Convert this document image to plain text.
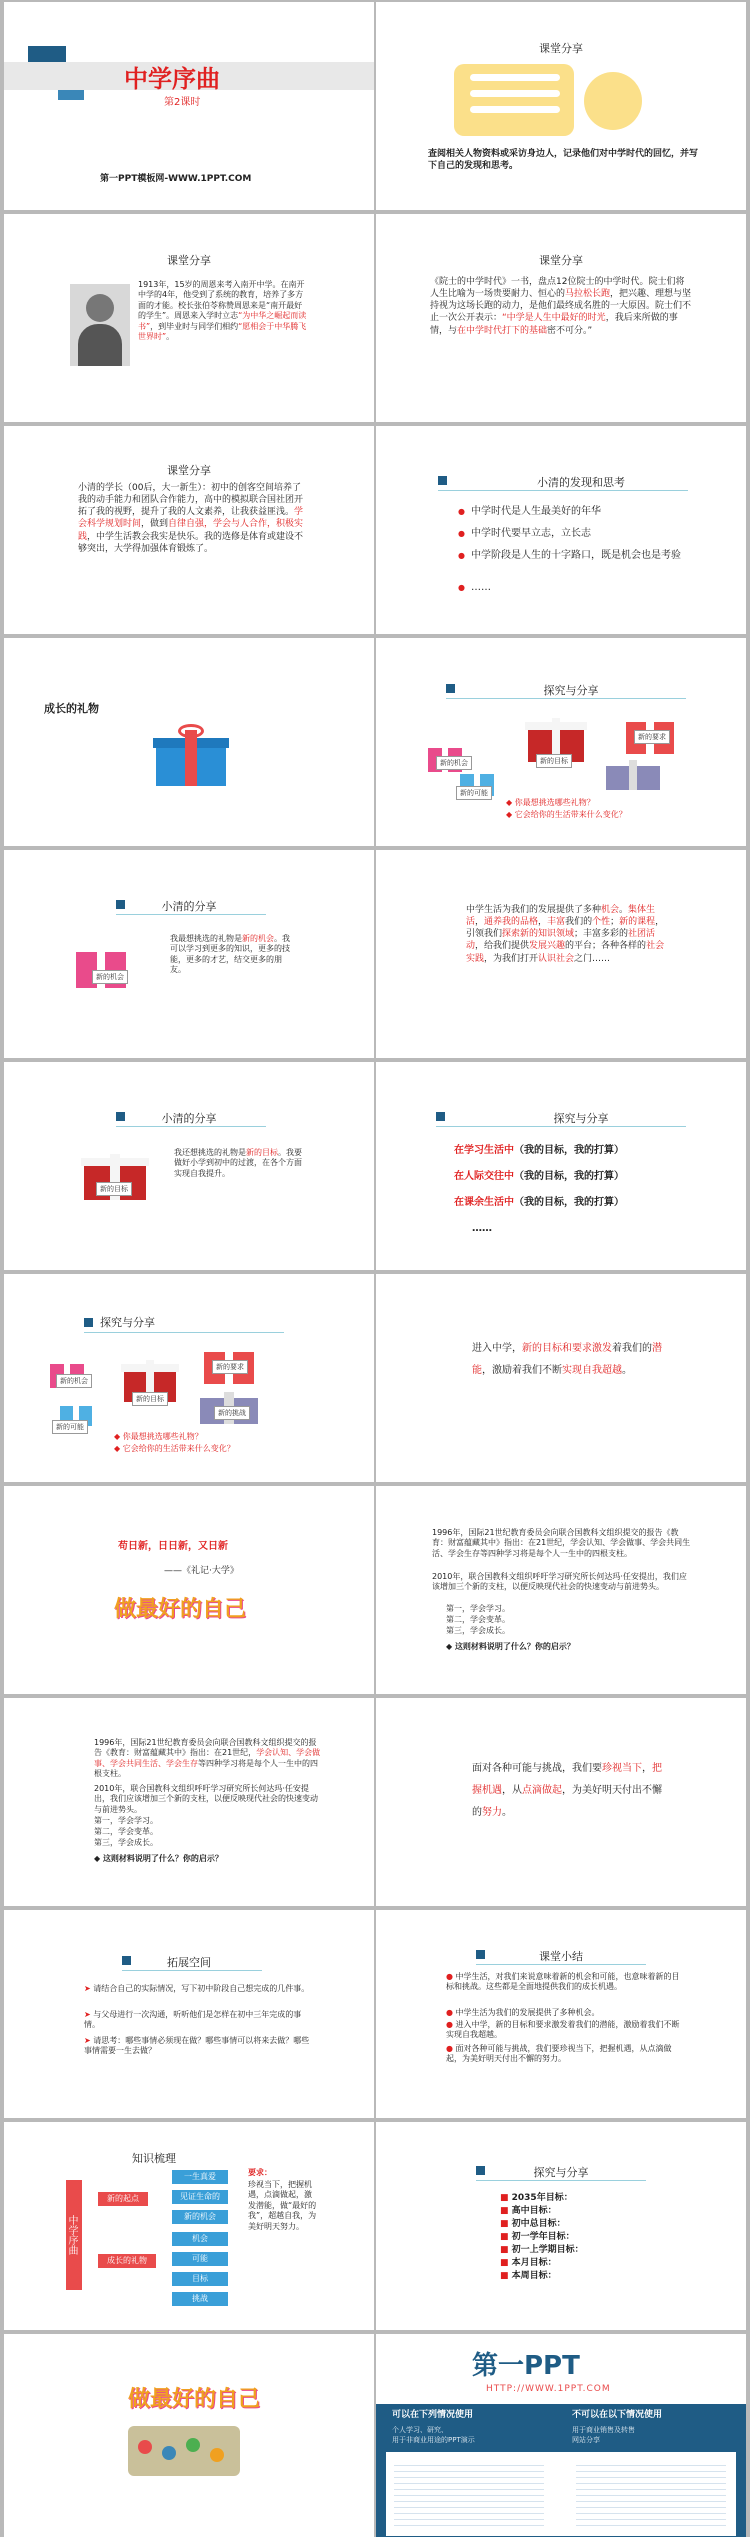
中学序曲
第2课时
第一PPT模板网-WWW.1PPT.COM
课堂分享
查阅相关人物资料或采访身边人，记录他们对中学时代的回忆，并写下自己的发现和思考。
课堂分享
1913年，15岁的周恩来考入南开中学。在南开中学的4年，他受到了系统的教育，培养了多方面的才能。校长张伯苓称赞周恩来是“南开最好的学生”。周恩来入学时立志“为中华之崛起而读书”，到毕业时与同学们相约“愿相会于中华腾飞世界时”。
课堂分享
《院士的中学时代》一书，盘点12位院士的中学时代。院士们将人生比喻为一场贵要耐力、恒心的马拉松长跑，把兴趣、理想与坚持视为这场长跑的动力，是他们最终成名胜的一大原因。院士们不止一次公开表示：“中学是人生中最好的时光，我后来所做的事情，与在中学时代打下的基础密不可分。”
课堂分享
小清的学长（00后，大一新生）：初中的创客空间培养了我的动手能力和团队合作能力，高中的模拟联合国社团开拓了我的视野，提升了我的人文素养，让我获益匪浅。学会科学规划时间，做到自律自强，学会与人合作，积极实践，中学生活教会我实是快乐。我的选修是体育或建设不够突出，大学得加强体育锻炼了。
小清的发现和思考
● 中学时代是人生最美好的年华
● 中学时代要早立志，立长志
● 中学阶段是人生的十字路口，既是机会也是考验
● ……
成长的礼物
探究与分享
新的机会	新的目标
新的要求
新的可能
◆ 你最想挑选哪些礼物？
◆ 它会给你的生活带来什么变化？
小清的分享
新的机会
我最想挑选的礼物是新的机会。我可以学习到更多的知识，更多的技能，更多的才艺，结交更多的朋友。
中学生活为我们的发展提供了多种机会。集体生活，通养我的品格，丰富我们的个性；新的课程，引领我们探索新的知识领域；丰富多彩的社团活动，给我们提供发展兴趣的平台；各种各样的社会实践，为我们打开认识社会之门……
小清的分享
新的目标
我还想挑选的礼物是新的目标。我要做好小学到初中的过渡，在各个方面实现自我提升。
探究与分享
在学习生活中（我的目标，我的打算）
在人际交往中（我的目标，我的打算）
在课余生活中（我的目标，我的打算）
……
探究与分享
新的机会
新的目标
新的要求
新的可能
新的挑战
◆ 你最想挑选哪些礼物？
◆ 它会给你的生活带来什么变化？
进入中学，新的目标和要求激发着我们的潜能，激励着我们不断实现自我超越。
苟日新，日日新，又日新
——《礼记·大学》
做最好的自己
1996年，国际21世纪教育委员会向联合国教科文组织提交的报告《教育：财富蕴藏其中》指出：在21世纪，学会认知、学会做事、学会共同生活、学会生存等四种学习将是每个人一生中的四根支柱。
2010年，联合国教科文组织呼吁学习研究所长何达玛·任安提出，我们应该增加三个新的支柱，以便反映现代社会的快速变动与前进势头。
第一，学会学习。
第二，学会变革。
第三，学会成长。
◆ 这则材料说明了什么？你的启示？
1996年，国际21世纪教育委员会向联合国教科文组织提交的报告《教育：财富蕴藏其中》指出：在21世纪，学会认知、学会做事、学会共同生活、学会生存等四种学习将是每个人一生中的四根支柱。
2010年，联合国教科文组织呼吁学习研究所长何达玛·任安提出，我们应该增加三个新的支柱，以便反映现代社会的快速变动与前进势头。
第一，学会学习。
第二，学会变革。
第三，学会成长。
◆ 这则材料说明了什么？你的启示？
面对各种可能与挑战，我们要珍视当下，把握机遇，从点滴做起，为美好明天付出不懈的努力。
拓展空间
➤ 请结合自己的实际情况，写下初中阶段自己想完成的几件事。
➤ 与父母进行一次沟通，听听他们是怎样在初中三年完成的事情。
➤ 请思考：哪些事情必须现在做？哪些事情可以将来去做？哪些事情需要一生去做？
课堂小结
● 中学生活，对我们来说意味着新的机会和可能，也意味着新的目标和挑战。这些都是全面地提供我们的成长机遇。
● 中学生活为我们的发展提供了多种机会。
● 进入中学，新的目标和要求激发着我们的潜能，激励着我们不断实现自我超越。
● 面对各种可能与挑战，我们要珍视当下，把握机遇，从点滴做起，为美好明天付出不懈的努力。
知识梳理
中学序曲
新的起点
成长的礼物
一生真爱
见证生命的
新的机会
机会
可能
目标
挑战
要求：
珍视当下，把握机遇，点滴做起，激发潜能，做“最好的我”，超越自我，为美好明天努力。
探究与分享
■ 2035年目标：
■ 高中目标：
■ 初中总目标：
■ 初一学年目标：
■ 初一上学期目标：
■ 本月目标：
■ 本周目标：
做最好的自己
第一PPT
HTTP://WWW.1PPT.COM
可以在下列情况使用	不可以在以下情况使用
个人学习、研究、
用于非商业用途的PPT演示
用于商业销售及转售
网站分享
